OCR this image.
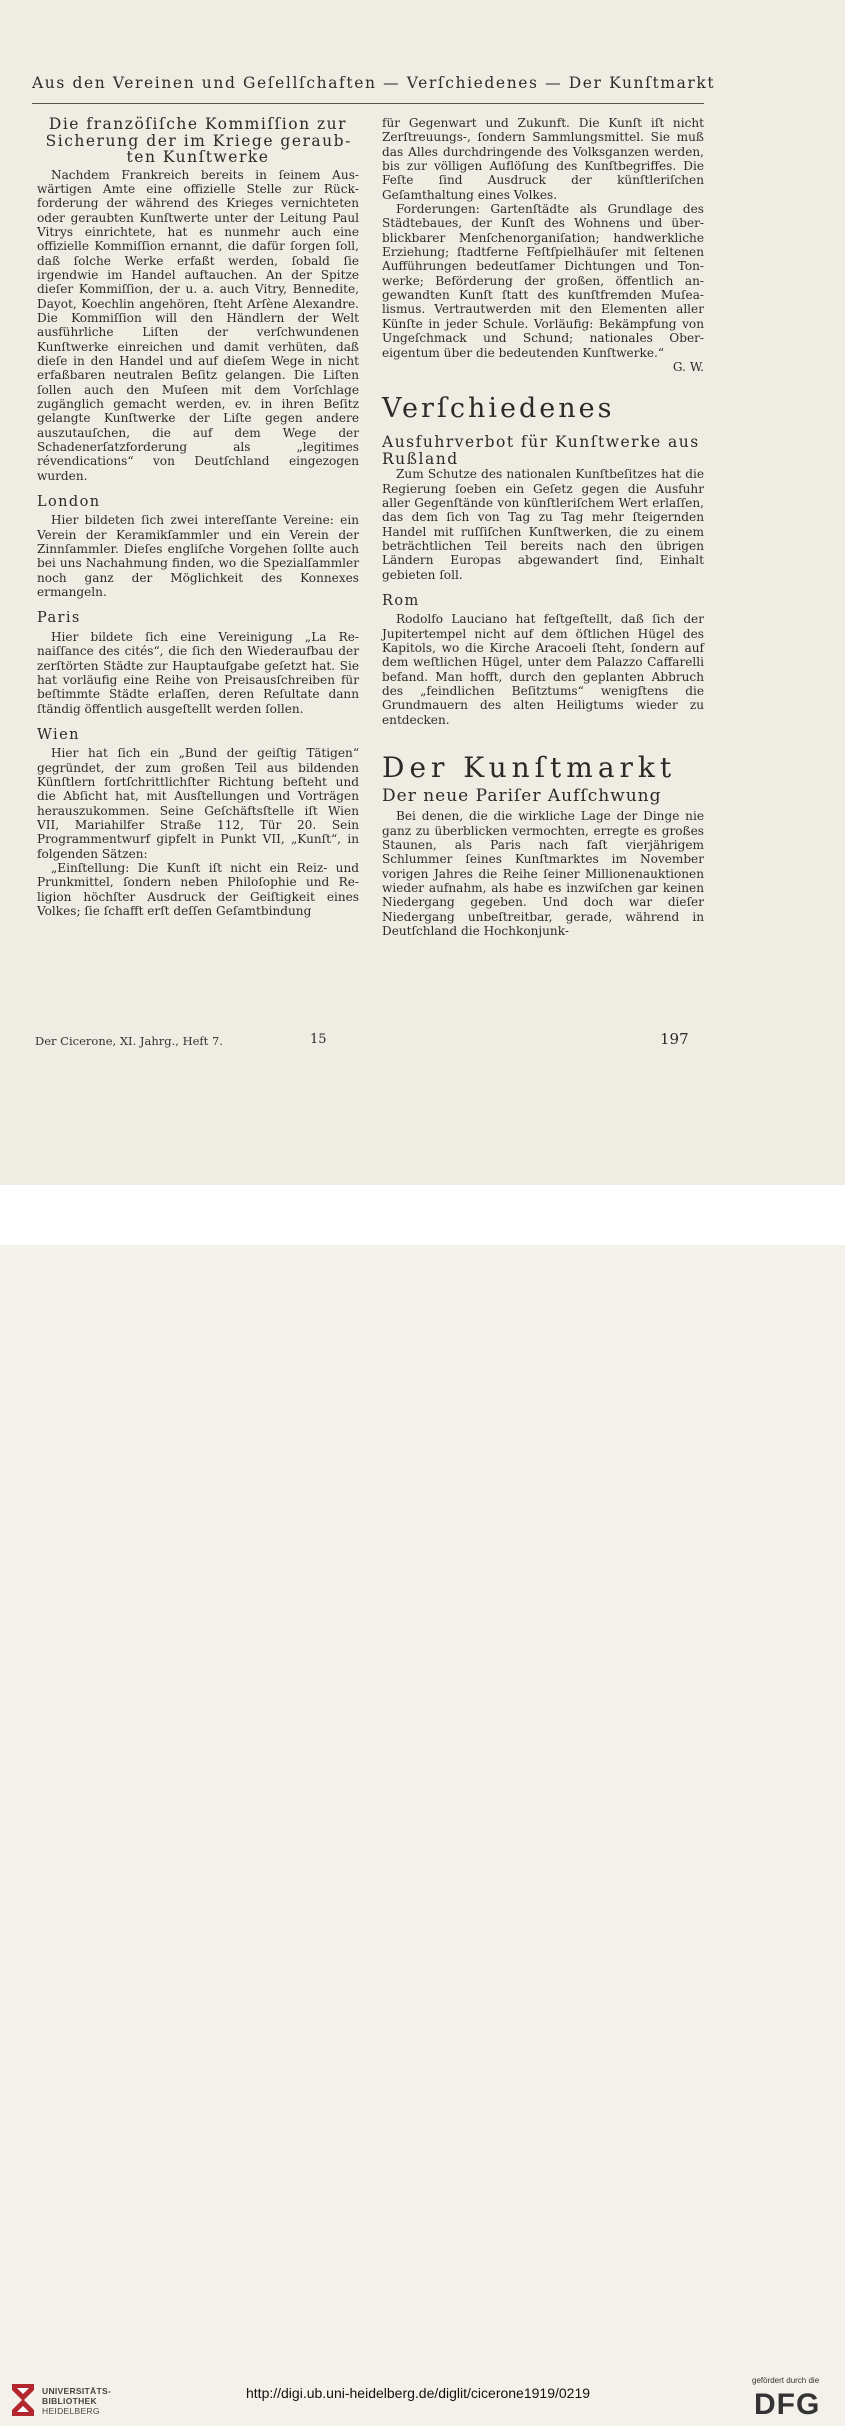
Aus den Vereinen und Geſellſchaften — Verſchiedenes — Der Kunſtmarkt
Die franzöſiſche Kommiſſion zur Sicherung der im Kriege geraubten Kunſtwerke

Nachdem Frankreich bereits in ſeinem Auswärtigen Amte eine offizielle Stelle zur Rückforderung der während des Krieges vernichteten oder geraubten Kunſtwerte unter der Leitung Paul Vitrys einrichtete, hat es nunmehr auch eine offizielle Kommiſſion ernannt, die dafür ſorgen ſoll, daß ſolche Werke erfaßt werden, ſobald ſie irgendwie im Handel auftauchen. An der Spitze dieſer Kommiſſion, der u. a. auch Vitry, Bennedite, Dayot, Koechlin angehören, ſteht Arſène Alexandre. Die Kommiſſion will den Händlern der Welt ausführliche Liſten der verſchwundenen Kunſtwerke einreichen und damit verhüten, daß dieſe in den Handel und auf dieſem Wege in nicht erfaßbaren neutralen Beſitz gelangen. Die Liſten ſollen auch den Muſeen mit dem Vorſchlage zugänglich gemacht werden, ev. in ihren Beſitz gelangte Kunſtwerke der Liſte gegen andere auszutauſchen, die auf dem Wege der Schadenerſatzforderung als „legitimes révendications“ von Deutſchland eingezogen wurden.

London

Hier bildeten ſich zwei intereſſante Vereine: ein Verein der Keramikſammler und ein Verein der Zinnſammler. Dieſes engliſche Vorgehen ſollte auch bei uns Nachahmung finden, wo die Spezialſammler noch ganz der Möglichkeit des Konnexes ermangeln.

Paris

Hier bildete ſich eine Vereinigung „La Renaiſſance des cités“, die ſich den Wiederaufbau der zerſtörten Städte zur Hauptaufgabe geſetzt hat. Sie hat vorläufig eine Reihe von Preisausſchreiben für beſtimmte Städte erlaſſen, deren Reſultate dann ſtändig öffentlich ausgeſtellt werden ſollen.

Wien

Hier hat ſich ein „Bund der geiſtig Tätigen“ gegründet, der zum großen Teil aus bildenden Künſtlern fortſchrittlichſter Richtung beſteht und die Abſicht hat, mit Ausſtellungen und Vorträgen herauszukommen. Seine Geſchäftsſtelle iſt Wien VII, Mariahilfer Straße 112, Tür 20. Sein Programmentwurf gipfelt in Punkt VII, „Kunſt“, in folgenden Sätzen:

„Einſtellung: Die Kunſt iſt nicht ein Reiz- und Prunkmittel, ſondern neben Philoſophie und Religion höchſter Ausdruck der Geiſtigkeit eines Volkes; ſie ſchafft erſt deſſen Geſamtbindung

für Gegenwart und Zukunft. Die Kunſt iſt nicht Zerſtreuungs-, ſondern Sammlungsmittel. Sie muß das Alles durchdringende des Volksganzen werden, bis zur völligen Auflöſung des Kunſtbegriffes. Die Feſte ſind Ausdruck der künſtleriſchen Geſamthaltung eines Volkes.

Forderungen: Gartenſtädte als Grundlage des Städtebaues, der Kunſt des Wohnens und überblickbarer Menſchenorganiſation; handwerkliche Erziehung; ſtadtferne Feſtſpielhäuſer mit ſeltenen Aufführungen bedeutſamer Dichtungen und Tonwerke; Beförderung der großen, öffentlich angewandten Kunſt ſtatt des kunſtfremden Muſealismus. Vertrautwerden mit den Elementen aller Künſte in jeder Schule. Vorläufig: Bekämpfung von Ungeſchmack und Schund; nationales Obereigentum über die bedeutenden Kunſtwerke.“

G. W.

Verſchiedenes
Ausfuhrverbot für Kunſtwerke aus Rußland

Zum Schutze des nationalen Kunſtbeſitzes hat die Regierung ſoeben ein Geſetz gegen die Ausfuhr aller Gegenſtände von künſtleriſchem Wert erlaſſen, das dem ſich von Tag zu Tag mehr ſteigernden Handel mit ruſſiſchen Kunſtwerken, die zu einem beträchtlichen Teil bereits nach den übrigen Ländern Europas abgewandert ſind, Einhalt gebieten ſoll.

Rom

Rodolfo Lauciano hat feſtgeſtellt, daß ſich der Jupitertempel nicht auf dem öſtlichen Hügel des Kapitols, wo die Kirche Aracoeli ſteht, ſondern auf dem weſtlichen Hügel, unter dem Palazzo Caffarelli befand. Man hofft, durch den geplanten Abbruch des „feindlichen Beſitztums“ wenigſtens die Grundmauern des alten Heiligtums wieder zu entdecken.

Der Kunſtmarkt
Der neue Pariſer Aufſchwung

Bei denen, die die wirkliche Lage der Dinge nie ganz zu überblicken vermochten, erregte es großes Staunen, als Paris nach faſt vierjährigem Schlummer ſeines Kunſtmarktes im November vorigen Jahres die Reihe ſeiner Millionenauktionen wieder aufnahm, als habe es inzwiſchen gar keinen Niedergang gegeben. Und doch war dieſer Niedergang unbeſtreitbar, gerade, während in Deutſchland die Hochkonjunk-

Der Cicerone, XI. Jahrg., Heft 7.	15	197
UNIVERSITÄTS-
BIBLIOTHEK
HEIDELBERG
http://digi.ub.uni-heidelberg.de/diglit/cicerone1919/0219
gefördert durch die
DFG
